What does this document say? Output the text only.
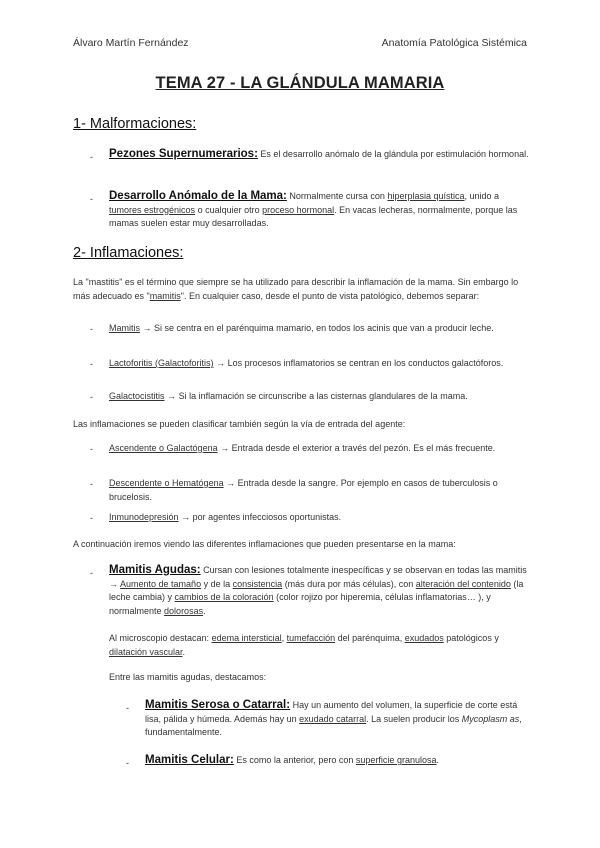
Álvaro Martín Fernández	Anatomía Patológica Sistémica
TEMA 27 - LA GLÁNDULA MAMARIA
1- Malformaciones:
- Pezones Supernumerarios: Es el desarrollo anómalo de la glándula por estimulación hormonal.
- Desarrollo Anómalo de la Mama: Normalmente cursa con hiperplasia quística, unido a tumores estrogénicos o cualquier otro proceso hormonal. En vacas lecheras, normalmente, porque las mamas suelen estar muy desarrolladas.
2- Inflamaciones:
La "mastitis" es el término que siempre se ha utilizado para describir la inflamación de la mama. Sin embargo lo más adecuado es "mamitis". En cualquier caso, desde el punto de vista patológico, debemos separar:
- Mamitis → Si se centra en el parénquima mamario, en todos los acinis que van a producir leche.
- Lactoforitis (Galactoforitis) → Los procesos inflamatorios se centran en los conductos galactóforos.
- Galactocistitis → Si la inflamación se circunscribe a las cisternas glandulares de la mama.
Las inflamaciones se pueden clasificar también según la vía de entrada del agente:
- Ascendente o Galactógena → Entrada desde el exterior a través del pezón. Es el más frecuente.
- Descendente o Hematógena → Entrada desde la sangre. Por ejemplo en casos de tuberculosis o brucelosis.
- Inmunodepresión → por agentes infecciosos oportunistas.
A continuación iremos viendo las diferentes inflamaciones que pueden presentarse en la mama:
- Mamitis Agudas: Cursan con lesiones totalmente inespecíficas y se observan en todas las mamitis → Aumento de tamaño y de la consistencia (más dura por más células), con alteración del contenido (la leche cambia) y cambios de la coloración (color rojizo por hiperemia, células inflamatorias… ), y normalmente dolorosas.
Al microscopio destacan: edema intersticial, tumefacción del parénquima, exudados patológicos y dilatación vascular.
Entre las mamitis agudas, destacamos:
- Mamitis Serosa o Catarral: Hay un aumento del volumen, la superficie de corte está lisa, pálida y húmeda. Además hay un exudado catarral. La suelen producir los Mycoplasm as, fundamentalmente.
- Mamitis Celular: Es como la anterior, pero con superficie granulosa.
